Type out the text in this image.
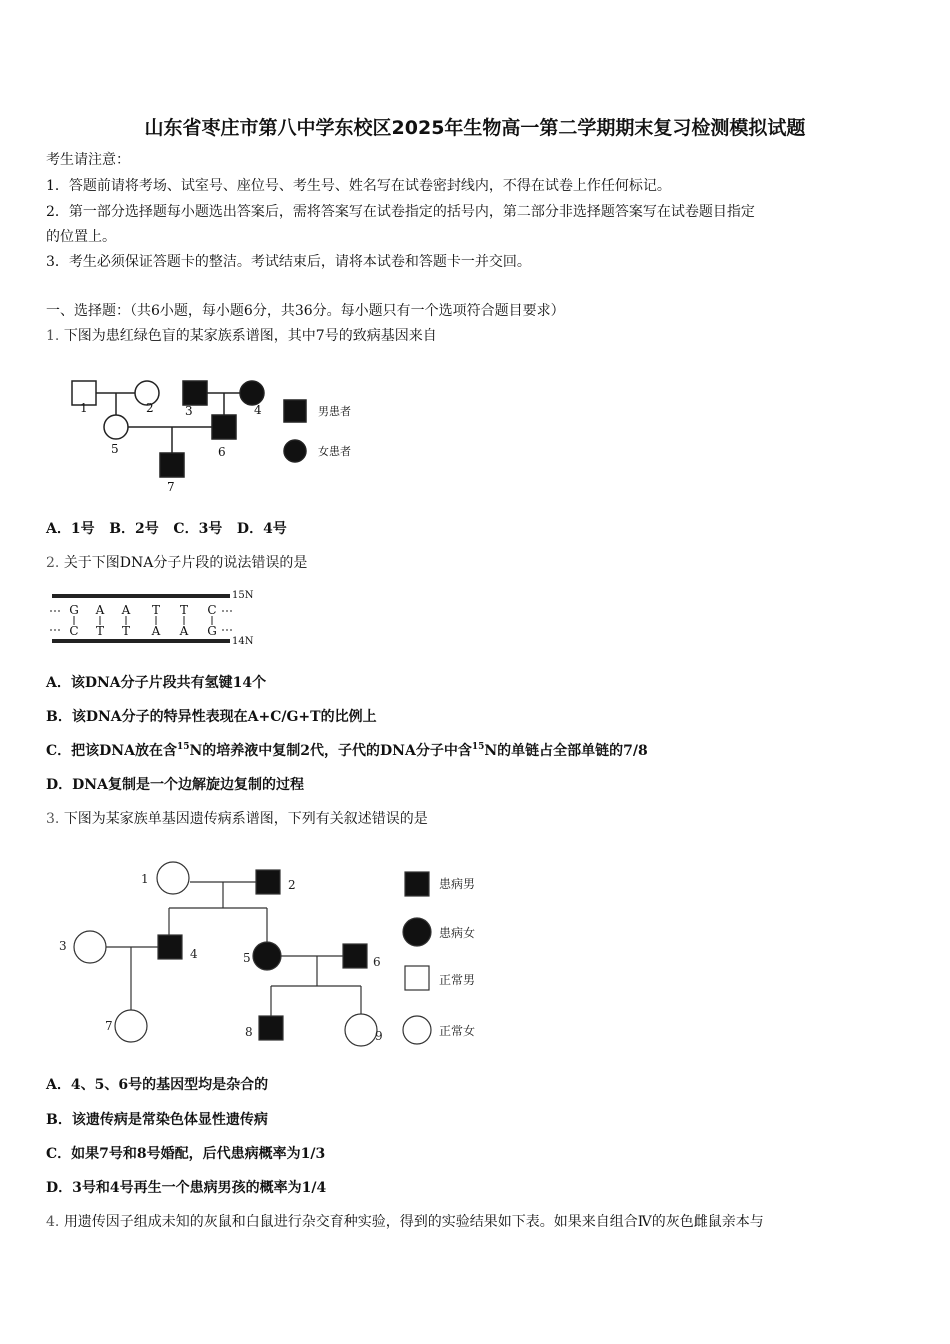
山东省枣庄市第八中学东校区2025年生物高一第二学期期末复习检测模拟试题
考生请注意：
1．答题前请将考场、试室号、座位号、考生号、姓名写在试卷密封线内，不得在试卷上作任何标记。
2．第一部分选择题每小题选出答案后，需将答案写在试卷指定的括号内，第二部分非选择题答案写在试卷题目指定
的位置上。
3．考生必须保证答题卡的整洁。考试结束后，请将本试卷和答题卡一并交回。
一、选择题：（共6小题，每小题6分，共36分。每小题只有一个选项符合题目要求）
1. 下图为患红绿色盲的某家族系谱图，其中7号的致病基因来自
1	2	3	4
5	6
7
男患者
女患者
A．1号   B．2号   C．3号   D．4号
2. 关于下图DNA分子片段的说法错误的是
G A A T T C
C T T A A G
15N
14N
A．该DNA分子片段共有氢键14个
B．该DNA分子的特异性表现在A+C/G+T的比例上
C．把该DNA放在含$^{15}$N的培养液中复制2代，子代的DNA分子中含$^{15}$N的单链占全部单链的7/8
D．DNA复制是一个边解旋边复制的过程
3. 下图为某家族单基因遗传病系谱图，下列有关叙述错误的是
1	2
3
4	5	6
7	8	9
患病男
患病女
正常男
正常女
A．4、5、6号的基因型均是杂合的
B．该遗传病是常染色体显性遗传病
C．如果7号和8号婚配，后代患病概率为1/3
D．3号和4号再生一个患病男孩的概率为1/4
4. 用遗传因子组成未知的灰鼠和白鼠进行杂交育种实验，得到的实验结果如下表。如果来自组合Ⅳ的灰色雌鼠亲本与
